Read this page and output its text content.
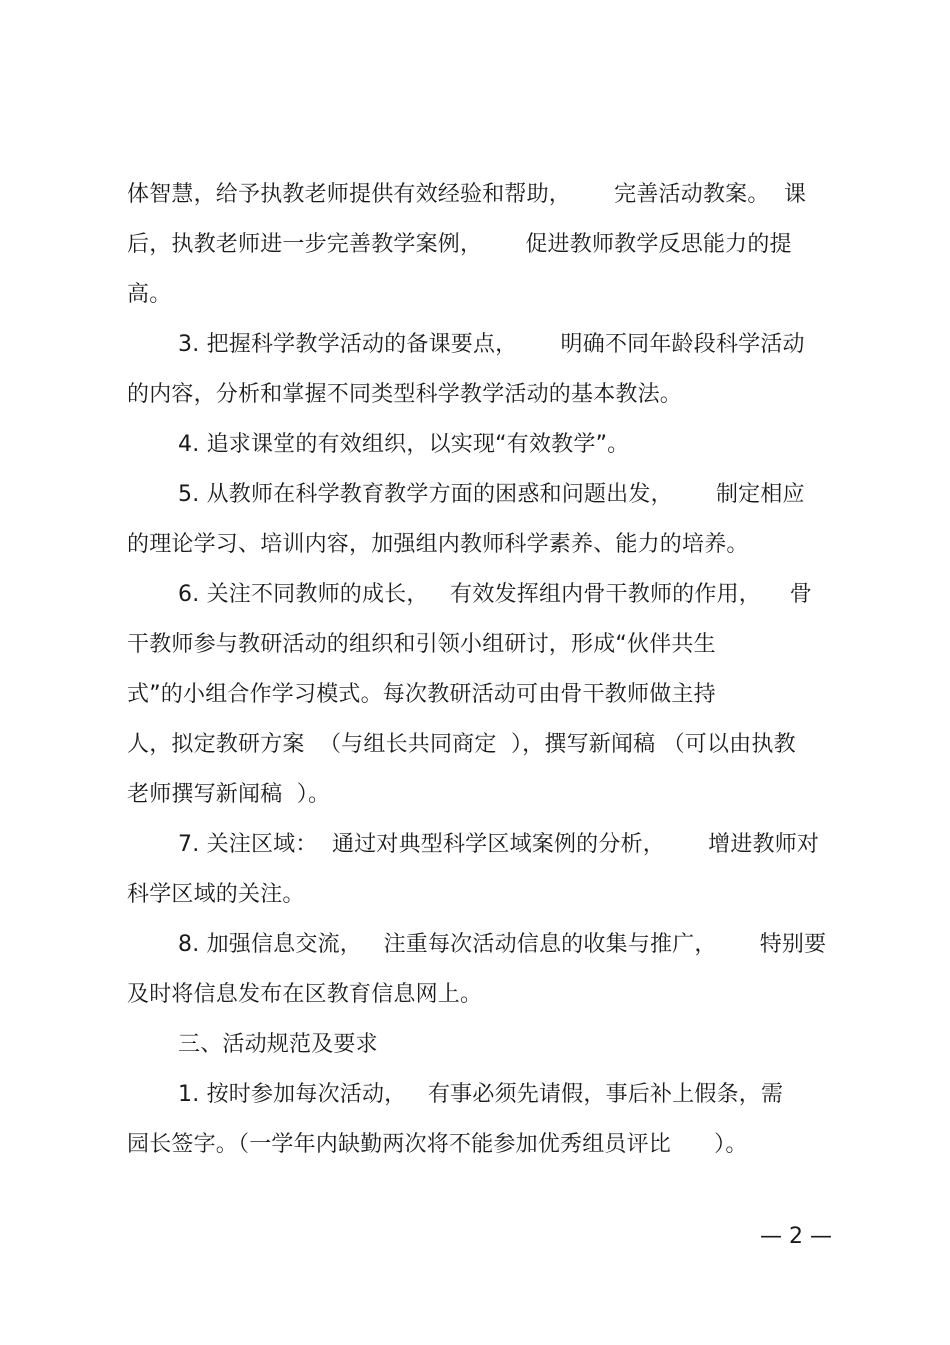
体智慧，给予执教老师提供有效经验和帮助，      完善活动教案。  课
后，执教老师进一步完善教学案例，      促进教师教学反思能力的提
高。
3. 把握科学教学活动的备课要点，      明确不同年龄段科学活动
的内容，分析和掌握不同类型科学教学活动的基本教法。
4. 追求课堂的有效组织，以实现“有效教学”。
5. 从教师在科学教育教学方面的困惑和问题出发，      制定相应
的理论学习、培训内容，加强组内教师科学素养、能力的培养。
6. 关注不同教师的成长，   有效发挥组内骨干教师的作用，    骨
干教师参与教研活动的组织和引领小组研讨，形成“伙伴共生
式”的小组合作学习模式。每次教研活动可由骨干教师做主持
人，拟定教研方案  （与组长共同商定  ），撰写新闻稿 （可以由执教
老师撰写新闻稿  ）。
7. 关注区域：  通过对典型科学区域案例的分析，      增进教师对
科学区域的关注。
8. 加强信息交流，   注重每次活动信息的收集与推广，      特别要
及时将信息发布在区教育信息网上。
三、活动规范及要求
1. 按时参加每次活动，   有事必须先请假，事后补上假条，需
园长签字。（一学年内缺勤两次将不能参加优秀组员评比      ）。
— 2 —
